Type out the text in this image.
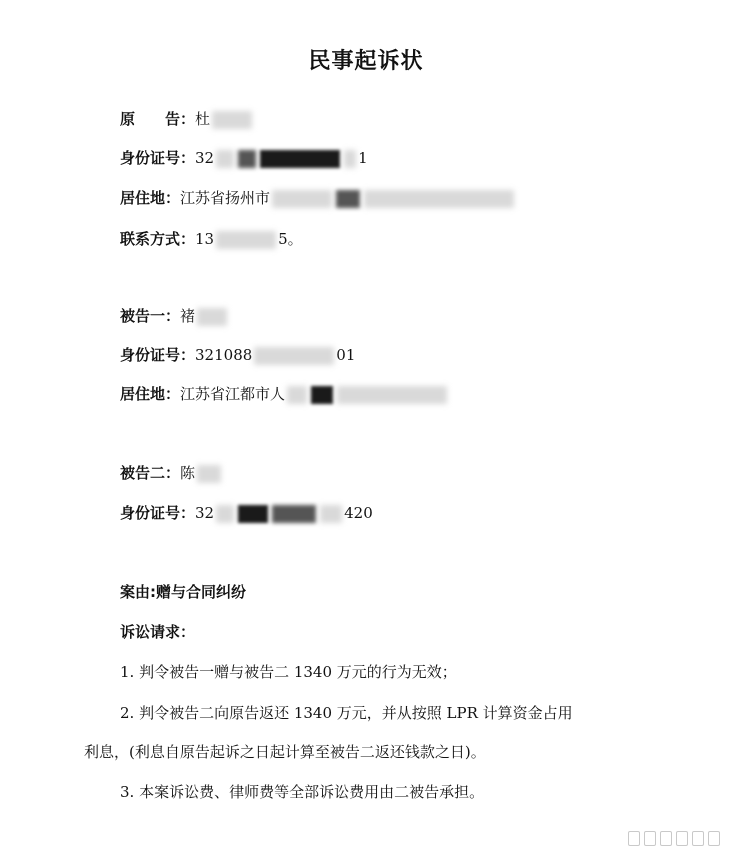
民事起诉状
原　　告：杜
身份证号：32	1
居住地：江苏省扬州市
联系方式：13	5。
被告一：褚
身份证号：321088	01
居住地：江苏省江都市人
被告二：陈
身份证号：32	420
案由:赠与合同纠纷
诉讼请求：
1. 判令被告一赠与被告二 1340 万元的行为无效；
2. 判令被告二向原告返还 1340 万元，并从按照 LPR 计算资金占用
利息，(利息自原告起诉之日起计算至被告二返还钱款之日)。
3. 本案诉讼费、律师费等全部诉讼费用由二被告承担。
